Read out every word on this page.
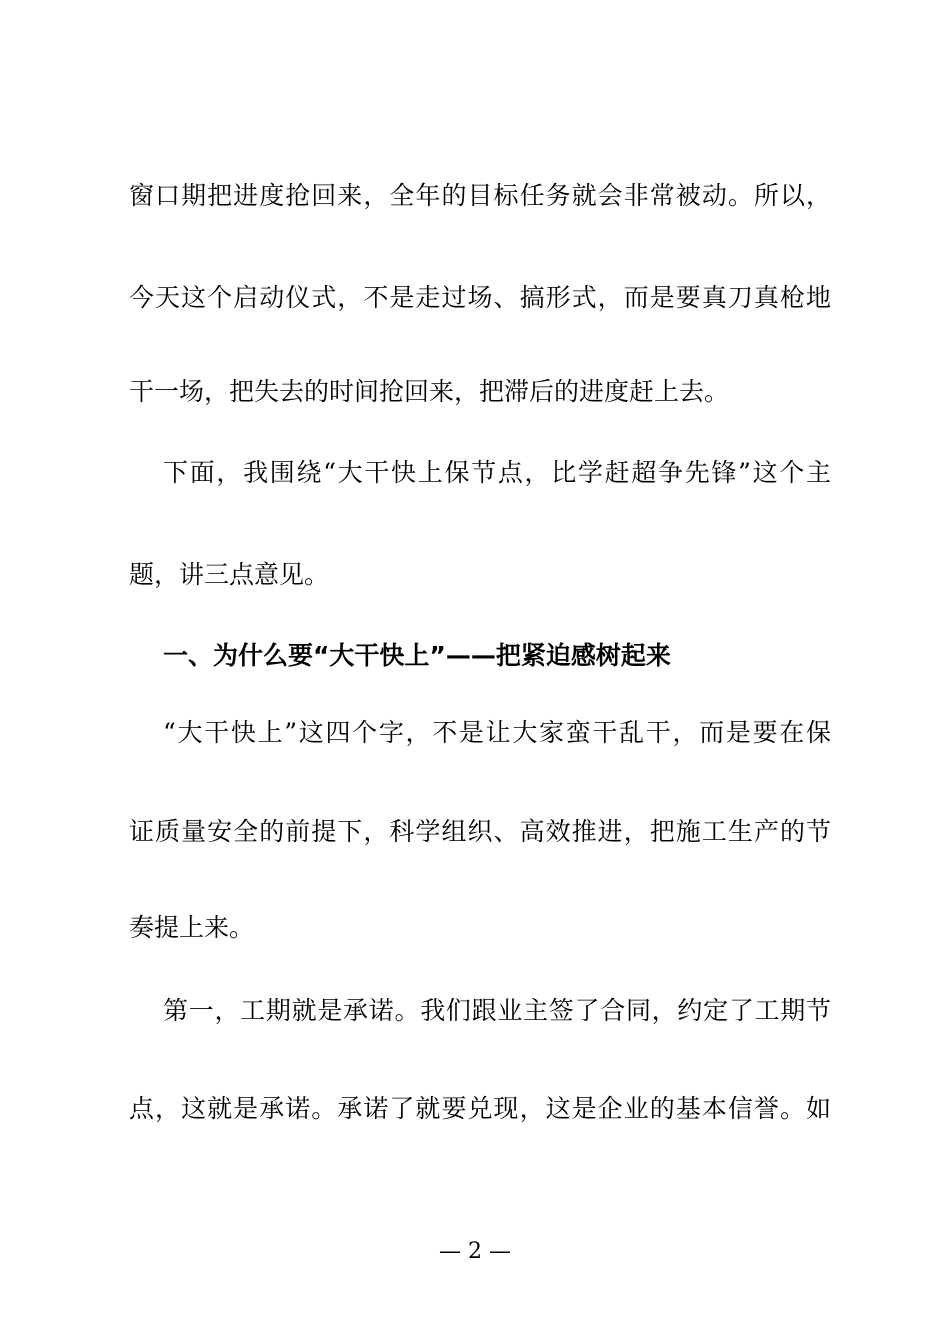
窗口期把进度抢回来，全年的目标任务就会非常被动。所以，
今天这个启动仪式，不是走过场、搞形式，而是要真刀真枪地
干一场，把失去的时间抢回来，把滞后的进度赶上去。
下面，我围绕“大干快上保节点，比学赶超争先锋”这个主
题，讲三点意见。
一、为什么要“大干快上”——把紧迫感树起来
“大干快上”这四个字，不是让大家蛮干乱干，而是要在保
证质量安全的前提下，科学组织、高效推进，把施工生产的节
奏提上来。
第一，工期就是承诺。我们跟业主签了合同，约定了工期节
点，这就是承诺。承诺了就要兑现，这是企业的基本信誉。如
— 2 —
